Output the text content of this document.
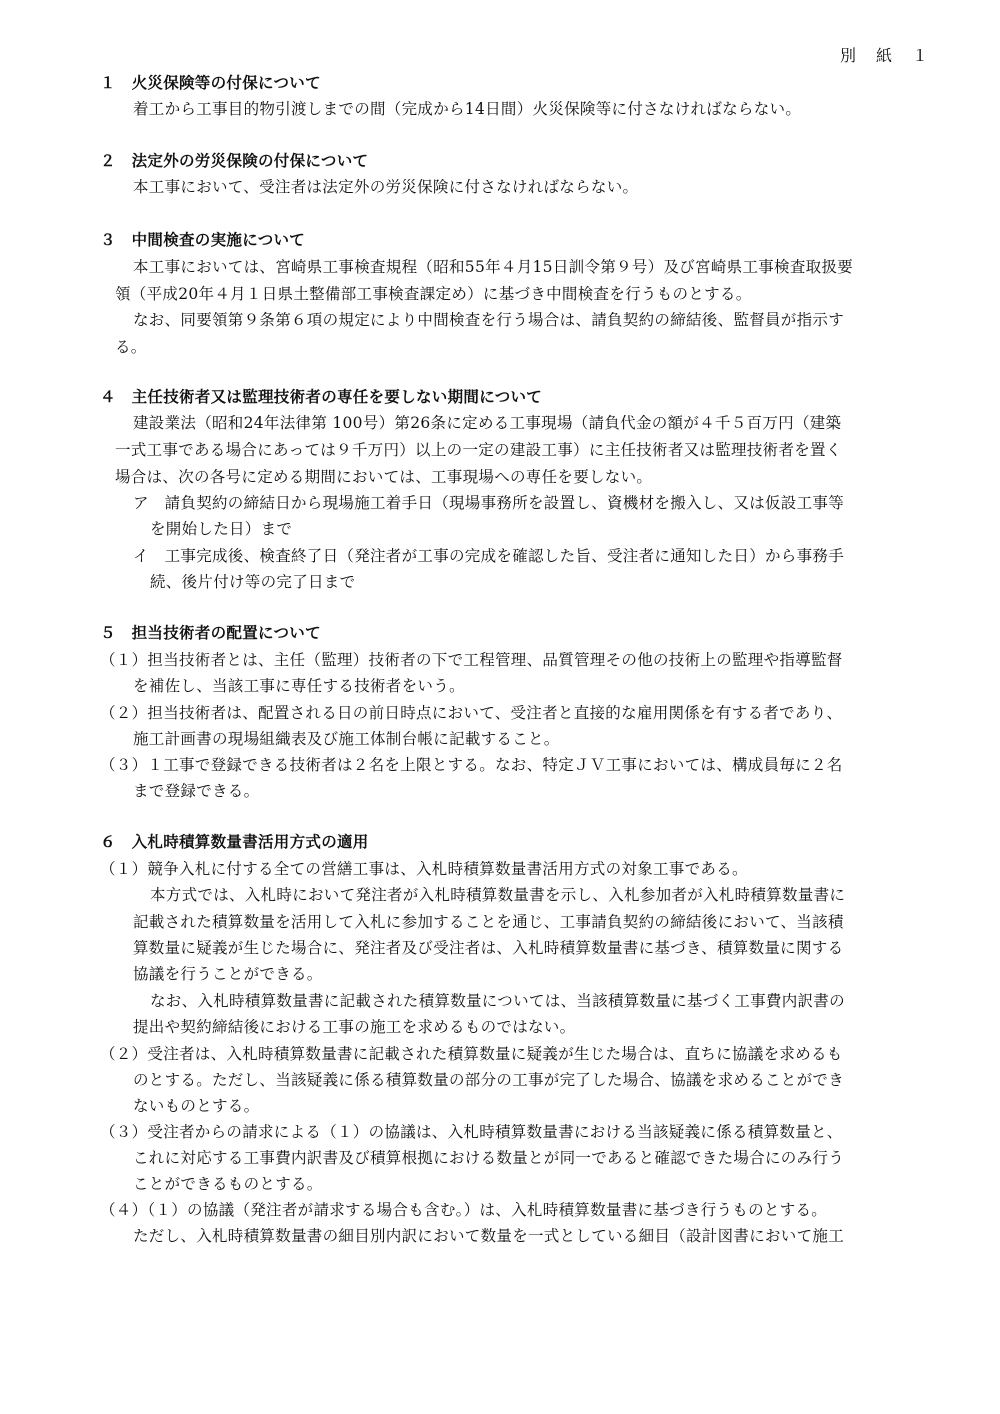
別　紙　１
１　火災保険等の付保について
着工から工事目的物引渡しまでの間（完成から14日間）火災保険等に付さなければならない。
２　法定外の労災保険の付保について
本工事において、受注者は法定外の労災保険に付さなければならない。
３　中間検査の実施について
本工事においては、宮崎県工事検査規程（昭和55年４月15日訓令第９号）及び宮崎県工事検査取扱要
領（平成20年４月１日県土整備部工事検査課定め）に基づき中間検査を行うものとする。
なお、同要領第９条第６項の規定により中間検査を行う場合は、請負契約の締結後、監督員が指示す
る。
４　主任技術者又は監理技術者の専任を要しない期間について
建設業法（昭和24年法律第 100号）第26条に定める工事現場（請負代金の額が４千５百万円（建築
一式工事である場合にあっては９千万円）以上の一定の建設工事）に主任技術者又は監理技術者を置く
場合は、次の各号に定める期間においては、工事現場への専任を要しない。
ア　請負契約の締結日から現場施工着手日（現場事務所を設置し、資機材を搬入し、又は仮設工事等
を開始した日）まで
イ　工事完成後、検査終了日（発注者が工事の完成を確認した旨、受注者に通知した日）から事務手
続、後片付け等の完了日まで
５　担当技術者の配置について
（１）担当技術者とは、主任（監理）技術者の下で工程管理、品質管理その他の技術上の監理や指導監督
を補佐し、当該工事に専任する技術者をいう。
（２）担当技術者は、配置される日の前日時点において、受注者と直接的な雇用関係を有する者であり、
施工計画書の現場組織表及び施工体制台帳に記載すること。
（３）１工事で登録できる技術者は２名を上限とする。なお、特定ＪＶ工事においては、構成員毎に２名
まで登録できる。
６　入札時積算数量書活用方式の適用
（１）競争入札に付する全ての営繕工事は、入札時積算数量書活用方式の対象工事である。
本方式では、入札時において発注者が入札時積算数量書を示し、入札参加者が入札時積算数量書に
記載された積算数量を活用して入札に参加することを通じ、工事請負契約の締結後において、当該積
算数量に疑義が生じた場合に、発注者及び受注者は、入札時積算数量書に基づき、積算数量に関する
協議を行うことができる。
なお、入札時積算数量書に記載された積算数量については、当該積算数量に基づく工事費内訳書の
提出や契約締結後における工事の施工を求めるものではない。
（２）受注者は、入札時積算数量書に記載された積算数量に疑義が生じた場合は、直ちに協議を求めるも
のとする。ただし、当該疑義に係る積算数量の部分の工事が完了した場合、協議を求めることができ
ないものとする。
（３）受注者からの請求による（１）の協議は、入札時積算数量書における当該疑義に係る積算数量と、
これに対応する工事費内訳書及び積算根拠における数量とが同一であると確認できた場合にのみ行う
ことができるものとする。
（４）（１）の協議（発注者が請求する場合も含む。）は、入札時積算数量書に基づき行うものとする。
ただし、入札時積算数量書の細目別内訳において数量を一式としている細目（設計図書において施工
